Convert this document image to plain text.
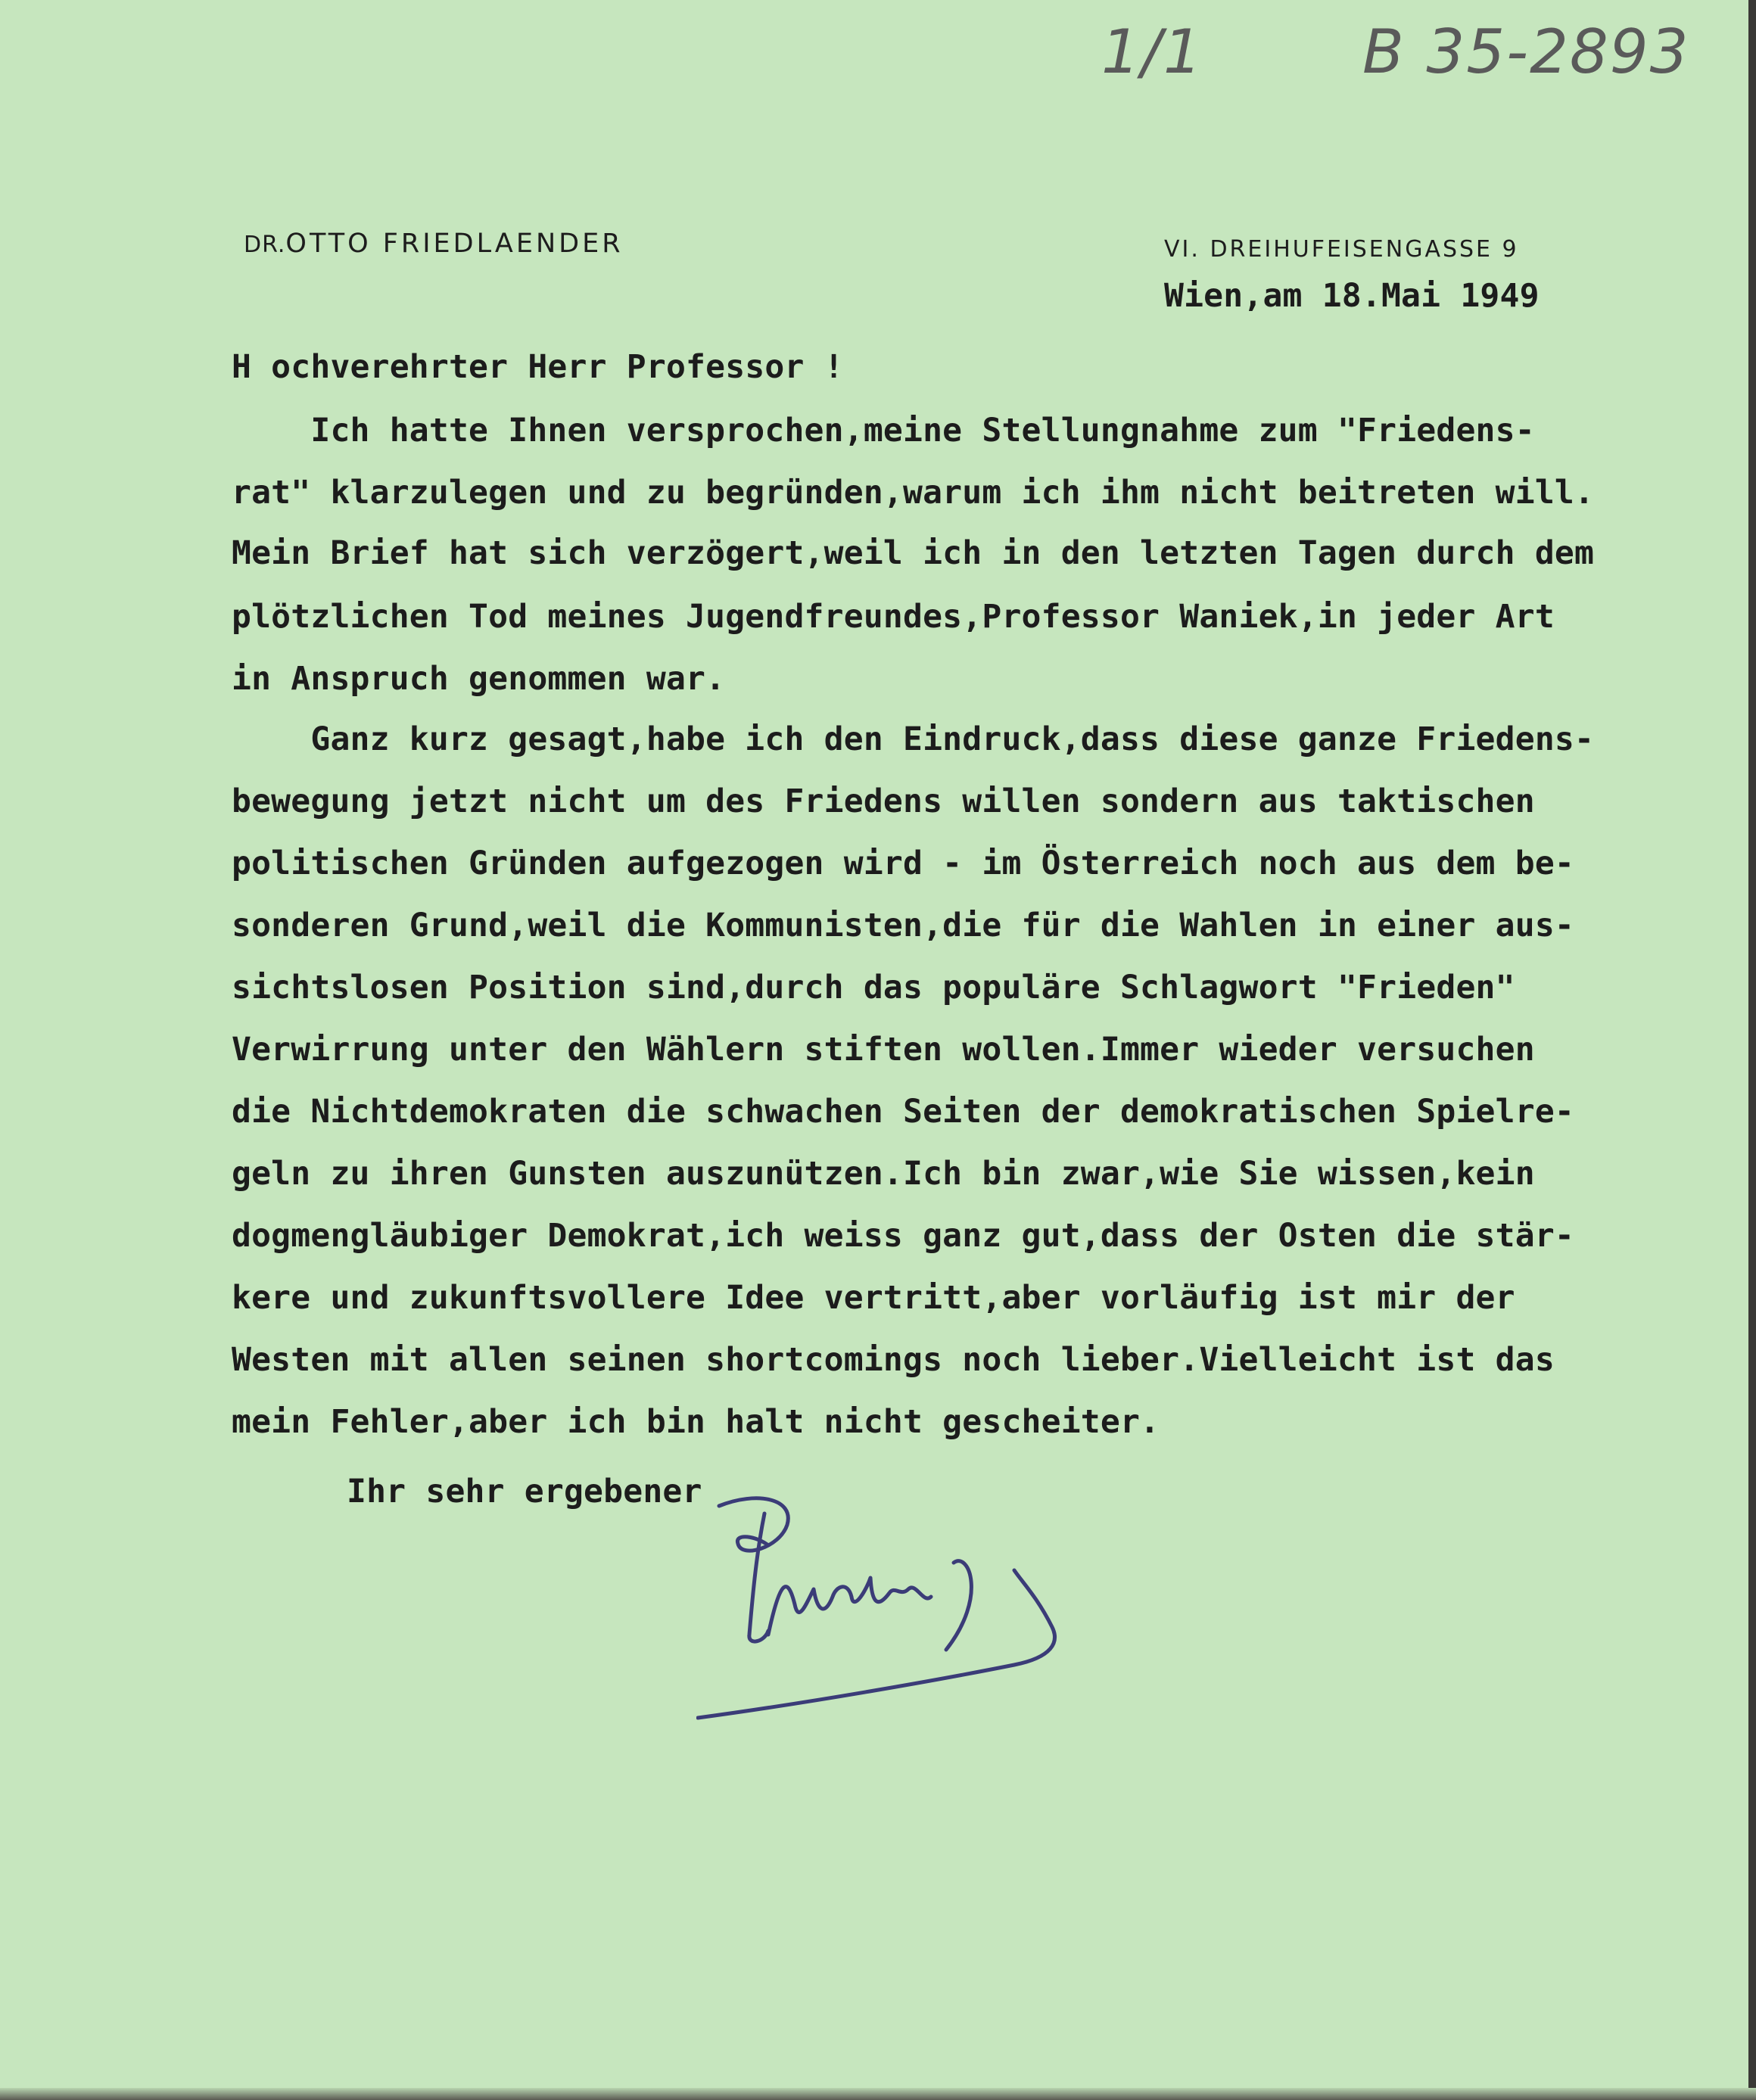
1/1	B 35-2893
DR.OTTO FRIEDLAENDER	VI. DREIHUFEISENGASSE 9
Wien,am 18.Mai 1949
H ochverehrter Herr Professor !
Ich hatte Ihnen versprochen,meine Stellungnahme zum "Friedens-
rat" klarzulegen und zu begründen,warum ich ihm nicht beitreten will.
Mein Brief hat sich verzögert,weil ich in den letzten Tagen durch dem
plötzlichen Tod meines Jugendfreundes,Professor Waniek,in jeder Art
in Anspruch genommen war.
Ganz kurz gesagt,habe ich den Eindruck,dass diese ganze Friedens-
bewegung jetzt nicht um des Friedens willen sondern aus taktischen
politischen Gründen aufgezogen wird - im Österreich noch aus dem be-
sonderen Grund,weil die Kommunisten,die für die Wahlen in einer aus-
sichtslosen Position sind,durch das populäre Schlagwort "Frieden"
Verwirrung unter den Wählern stiften wollen.Immer wieder versuchen
die Nichtdemokraten die schwachen Seiten der demokratischen Spielre-
geln zu ihren Gunsten auszunützen.Ich bin zwar,wie Sie wissen,kein
dogmengläubiger Demokrat,ich weiss ganz gut,dass der Osten die stär-
kere und zukunftsvollere Idee vertritt,aber vorläufig ist mir der
Westen mit allen seinen shortcomings noch lieber.Vielleicht ist das
mein Fehler,aber ich bin halt nicht gescheiter.
Ihr sehr ergebener
